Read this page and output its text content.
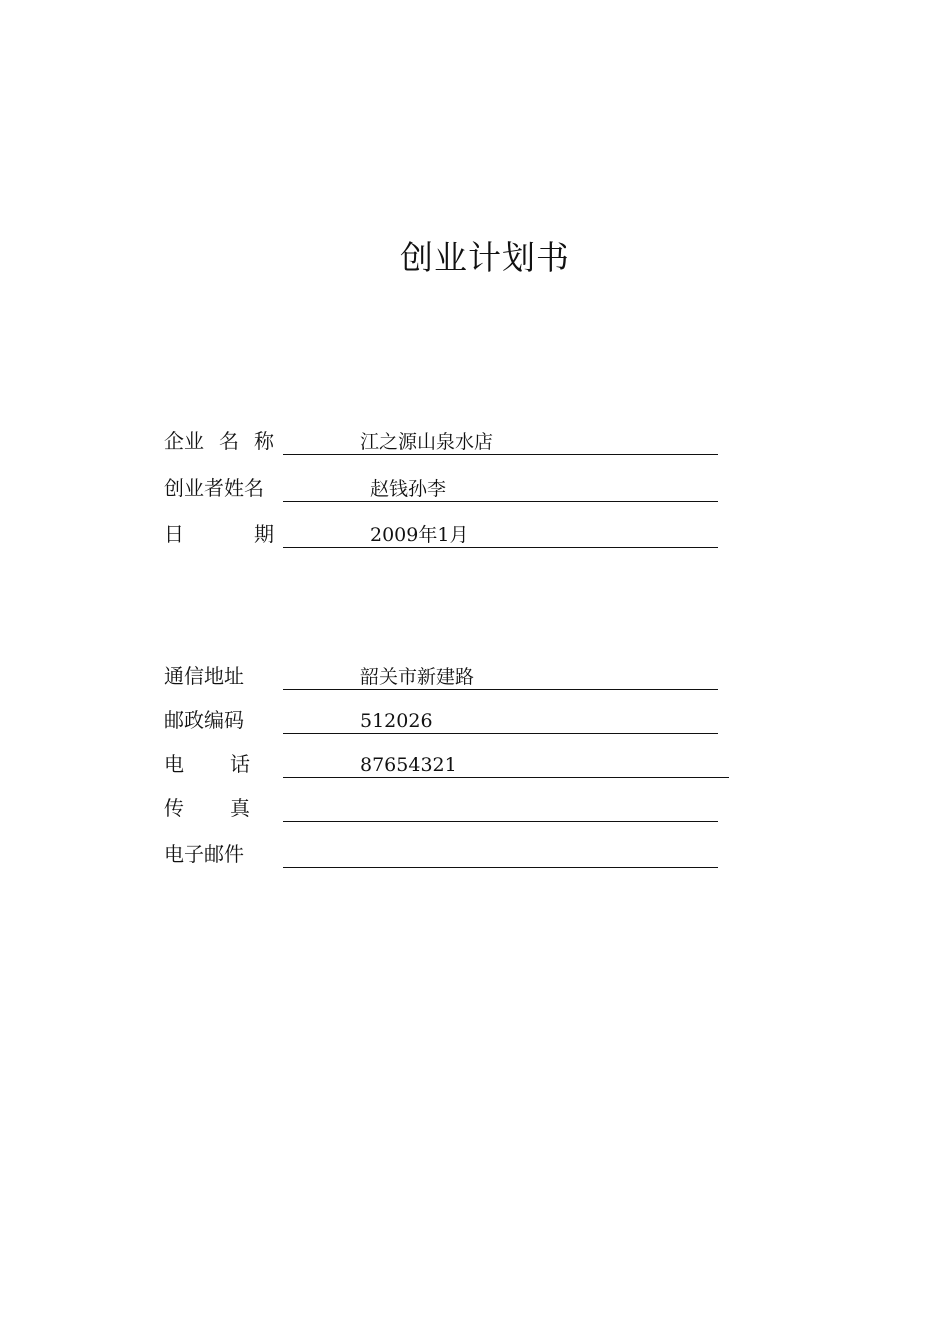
创业计划书
企业 名 称	江之源山泉水店
创业者姓名	赵钱孙李
日	期	2009年1月
通信地址	韶关市新建路
邮政编码	512026
电 话	87654321
传 真
电子邮件
